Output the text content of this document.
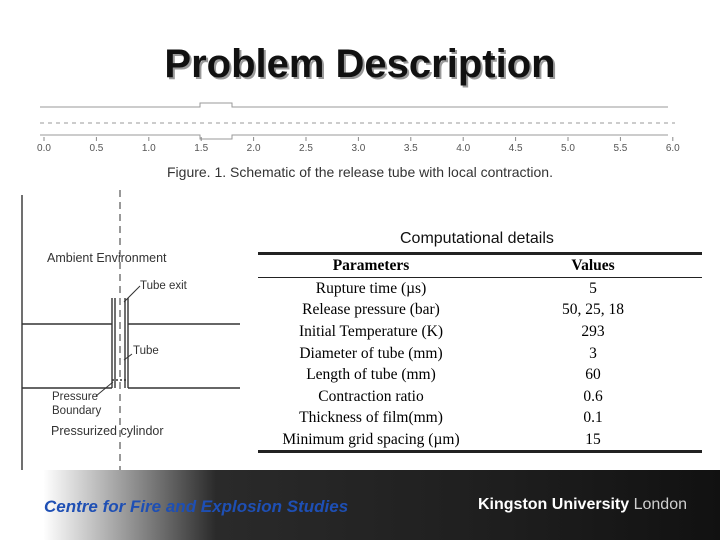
Problem Description
0.0	0.5	1.0	1.5	2.0	2.5	3.0	3.5	4.0	4.5	5.0	5.5	6.0
Figure. 1. Schematic of the release tube with local contraction.
Ambient Environment
Tube exit
Tube
Pressure
Boundary
Pressurized cylindor
Computational details
Parameters	Values
Rupture time (µs)	5
Release pressure (bar)	50, 25, 18
Initial Temperature (K)	293
Diameter of tube (mm)	3
Length of tube (mm)	60
Contraction ratio	0.6
Thickness of film(mm)	0.1
Minimum grid spacing (µm)	15
Centre for Fire and Explosion Studies	Kingston University London
